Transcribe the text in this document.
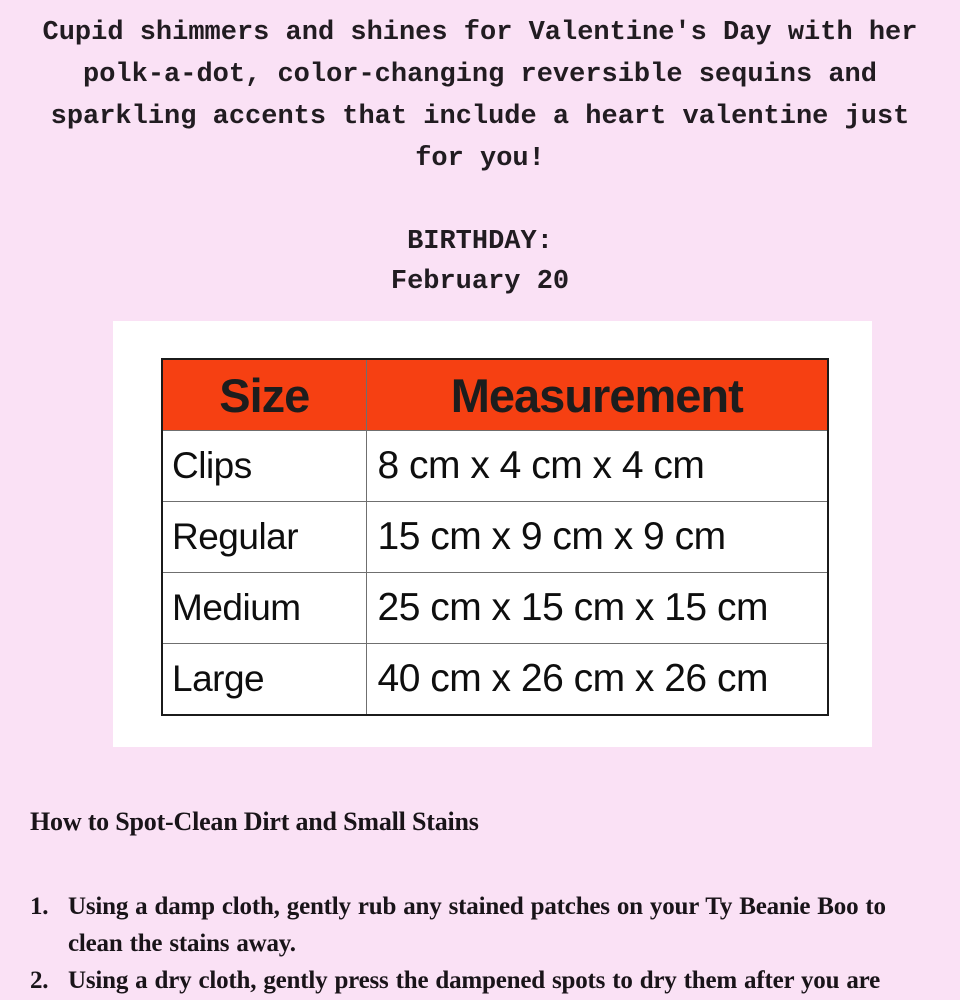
Cupid shimmers and shines for Valentine's Day with her
polk-a-dot, color-changing reversible sequins and
sparkling accents that include a heart valentine just
for you!
BIRTHDAY:
February 20
Size	Measurement
Clips	8 cm x 4 cm x 4 cm
Regular	15 cm x 9 cm x 9 cm
Medium	25 cm x 15 cm x 15 cm
Large	40 cm x 26 cm x 26 cm
How to Spot-Clean Dirt and Small Stains
1. Using a damp cloth, gently rub any stained patches on your Ty Beanie Boo to clean the stains away.
2. Using a dry cloth, gently press the dampened spots to dry them after you are
